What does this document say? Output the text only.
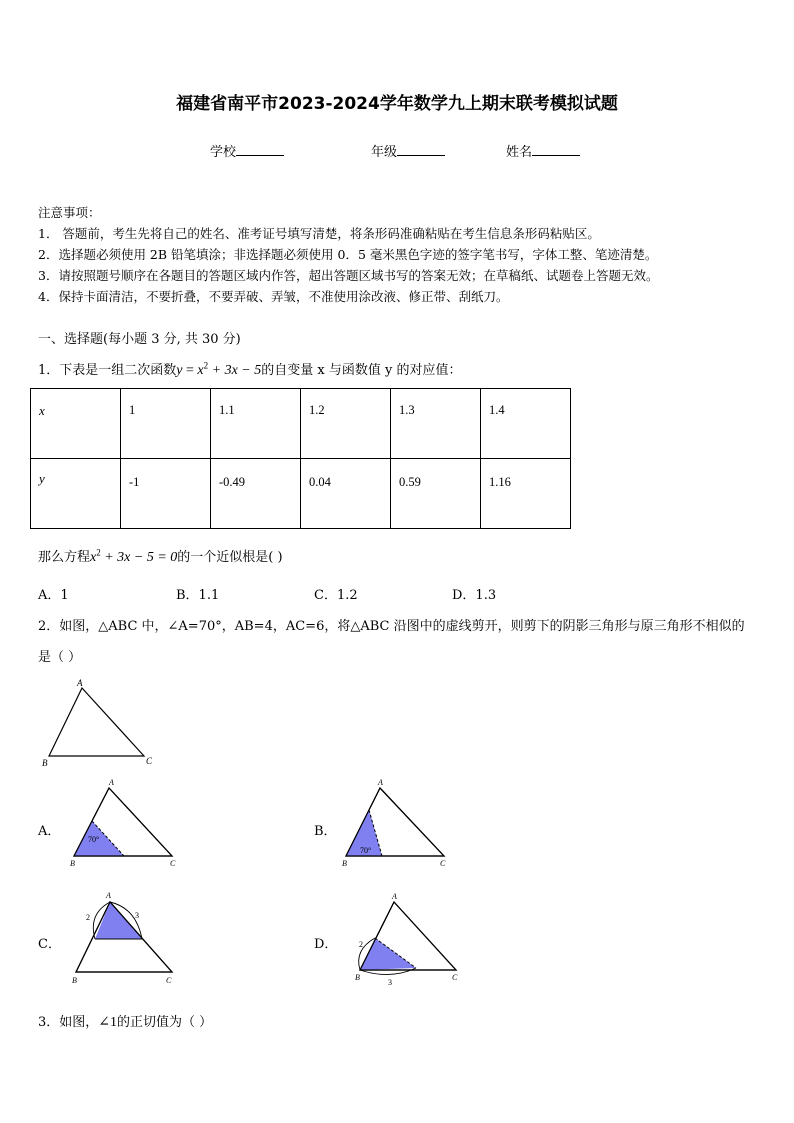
福建省南平市2023-2024学年数学九上期末联考模拟试题
学校	年级	姓名
注意事项：
1． 答题前，考生先将自己的姓名、准考证号填写清楚，将条形码准确粘贴在考生信息条形码粘贴区。
2．选择题必须使用 2B 铅笔填涂；非选择题必须使用 0．5 毫米黑色字迹的签字笔书写，字体工整、笔迹清楚。
3．请按照题号顺序在各题目的答题区域内作答，超出答题区域书写的答案无效；在草稿纸、试题卷上答题无效。
4．保持卡面清洁，不要折叠，不要弄破、弄皱，不准使用涂改液、修正带、刮纸刀。
一、选择题(每小题 3 分, 共 30 分)
1．下表是一组二次函数$y = x^2 + 3x - 5$的自变量 x 与函数值 y 的对应值：
x	1	1.1	1.2	1.3	1.4
y	-1	-0.49	0.04	0.59	1.16
那么方程$x^2 + 3x - 5 = 0$的一个近似根是( )
A．1	B．1.1	C．1.2	D．1.3
2．如图，△ABC 中，∠A=70°，AB=4，AC=6，将△ABC 沿图中的虚线剪开，则剪下的阴影三角形与原三角形不相似的
是（ ）
A
B	C
A．
70°
A
B	C
B．
70°
A
B	C
C．
2	3
A
B	C
D．	2
3
A
B	C
3．如图，∠1的正切值为（ ）
